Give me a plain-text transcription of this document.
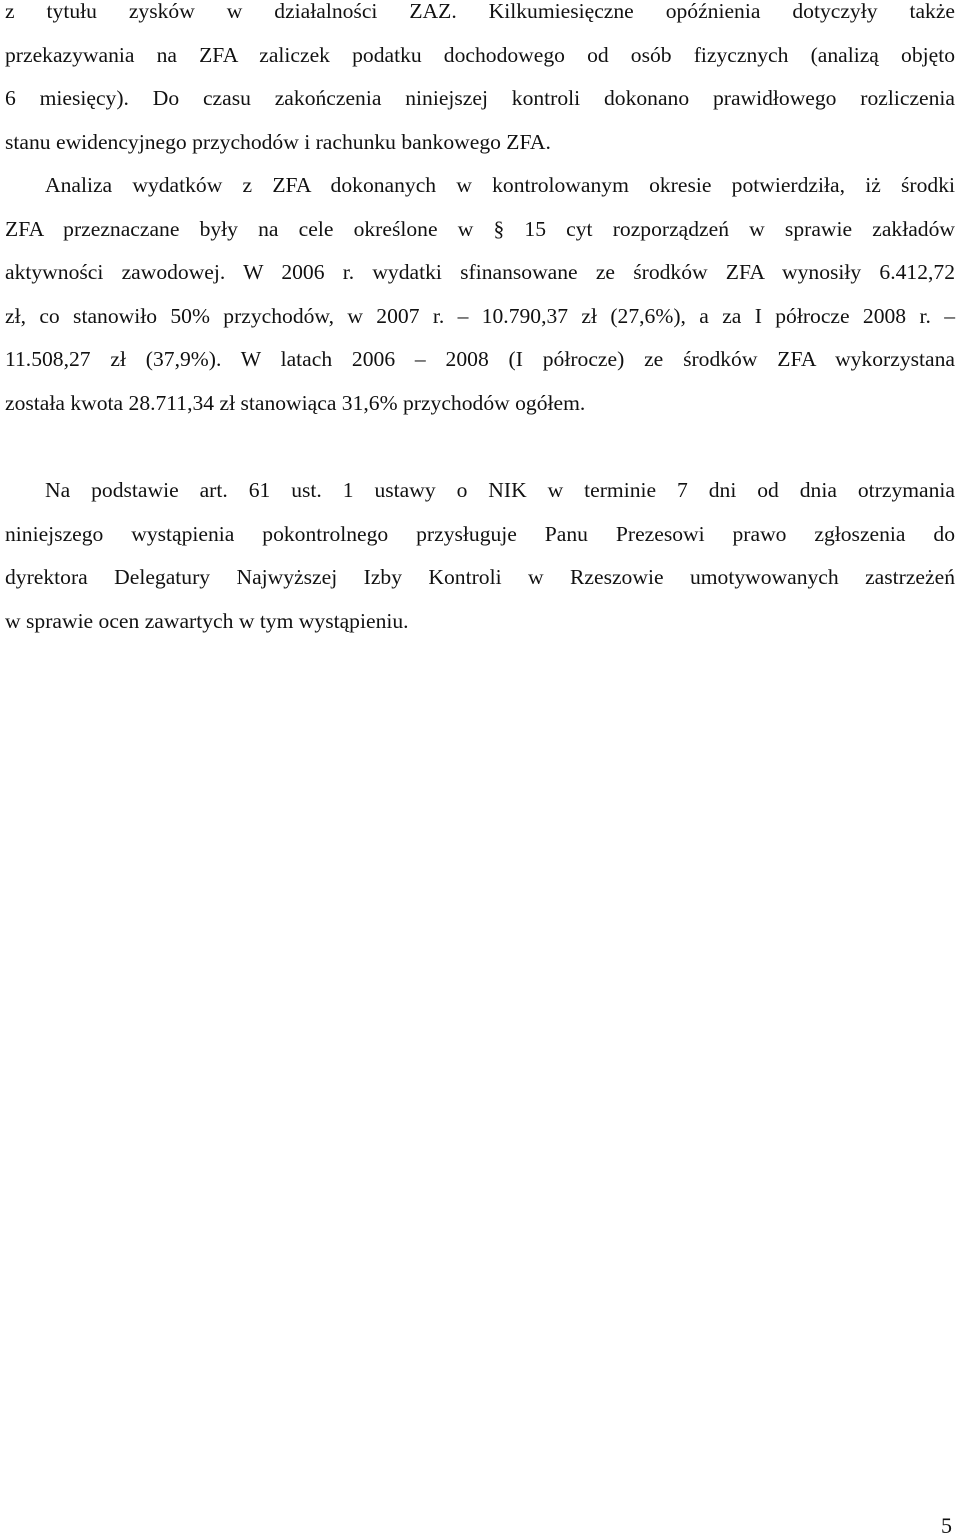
z tytułu zysków w działalności ZAZ. Kilkumiesięczne opóźnienia dotyczyły także
przekazywania na ZFA zaliczek podatku dochodowego od osób fizycznych (analizą objęto
6 miesięcy). Do czasu zakończenia niniejszej kontroli dokonano prawidłowego rozliczenia
stanu ewidencyjnego przychodów i rachunku bankowego ZFA.
Analiza wydatków z ZFA dokonanych w kontrolowanym okresie potwierdziła, iż środki
ZFA przeznaczane były na cele określone w § 15 cyt rozporządzeń w sprawie zakładów
aktywności zawodowej. W 2006 r. wydatki sfinansowane ze środków ZFA wynosiły 6.412,72
zł, co stanowiło 50% przychodów, w 2007 r. – 10.790,37 zł (27,6%), a za I półrocze 2008 r. –
11.508,27 zł (37,9%). W latach 2006 – 2008 (I półrocze) ze środków ZFA wykorzystana
została kwota 28.711,34 zł stanowiąca 31,6% przychodów ogółem.
Na podstawie art. 61 ust. 1 ustawy o NIK w terminie 7 dni od dnia otrzymania
niniejszego wystąpienia pokontrolnego przysługuje Panu Prezesowi prawo zgłoszenia do
dyrektora Delegatury Najwyższej Izby Kontroli w Rzeszowie umotywowanych zastrzeżeń
w sprawie ocen zawartych w tym wystąpieniu.
5
